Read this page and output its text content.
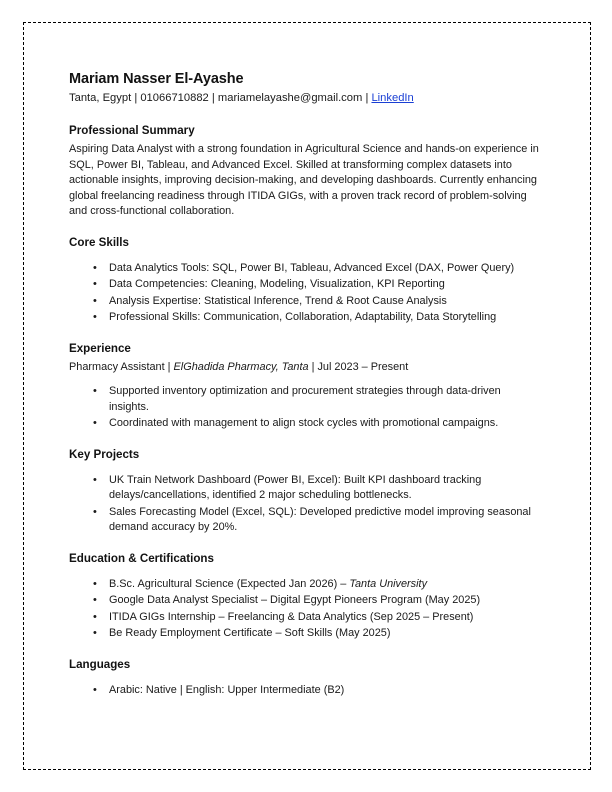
Mariam Nasser El-Ayashe
Tanta, Egypt | 01066710882 | mariamelayashe@gmail.com | LinkedIn
Professional Summary

Aspiring Data Analyst with a strong foundation in Agricultural Science and hands-on experience in SQL, Power BI, Tableau, and Advanced Excel. Skilled at transforming complex datasets into actionable insights, improving decision-making, and developing dashboards. Currently enhancing global freelancing readiness through ITIDA GIGs, with a proven track record of problem-solving and cross-functional collaboration.

Core Skills
• Data Analytics Tools: SQL, Power BI, Tableau, Advanced Excel (DAX, Power Query)
• Data Competencies: Cleaning, Modeling, Visualization, KPI Reporting
• Analysis Expertise: Statistical Inference, Trend & Root Cause Analysis
• Professional Skills: Communication, Collaboration, Adaptability, Data Storytelling
Experience
Pharmacy Assistant | ElGhadida Pharmacy, Tanta | Jul 2023 – Present
• Supported inventory optimization and procurement strategies through data-driven insights.
• Coordinated with management to align stock cycles with promotional campaigns.
Key Projects
• UK Train Network Dashboard (Power BI, Excel): Built KPI dashboard tracking delays/cancellations, identified 2 major scheduling bottlenecks.
• Sales Forecasting Model (Excel, SQL): Developed predictive model improving seasonal demand accuracy by 20%.
Education & Certifications
• B.Sc. Agricultural Science (Expected Jan 2026) – Tanta University
• Google Data Analyst Specialist – Digital Egypt Pioneers Program (May 2025)
• ITIDA GIGs Internship – Freelancing & Data Analytics (Sep 2025 – Present)
• Be Ready Employment Certificate – Soft Skills (May 2025)
Languages
• Arabic: Native | English: Upper Intermediate (B2)
